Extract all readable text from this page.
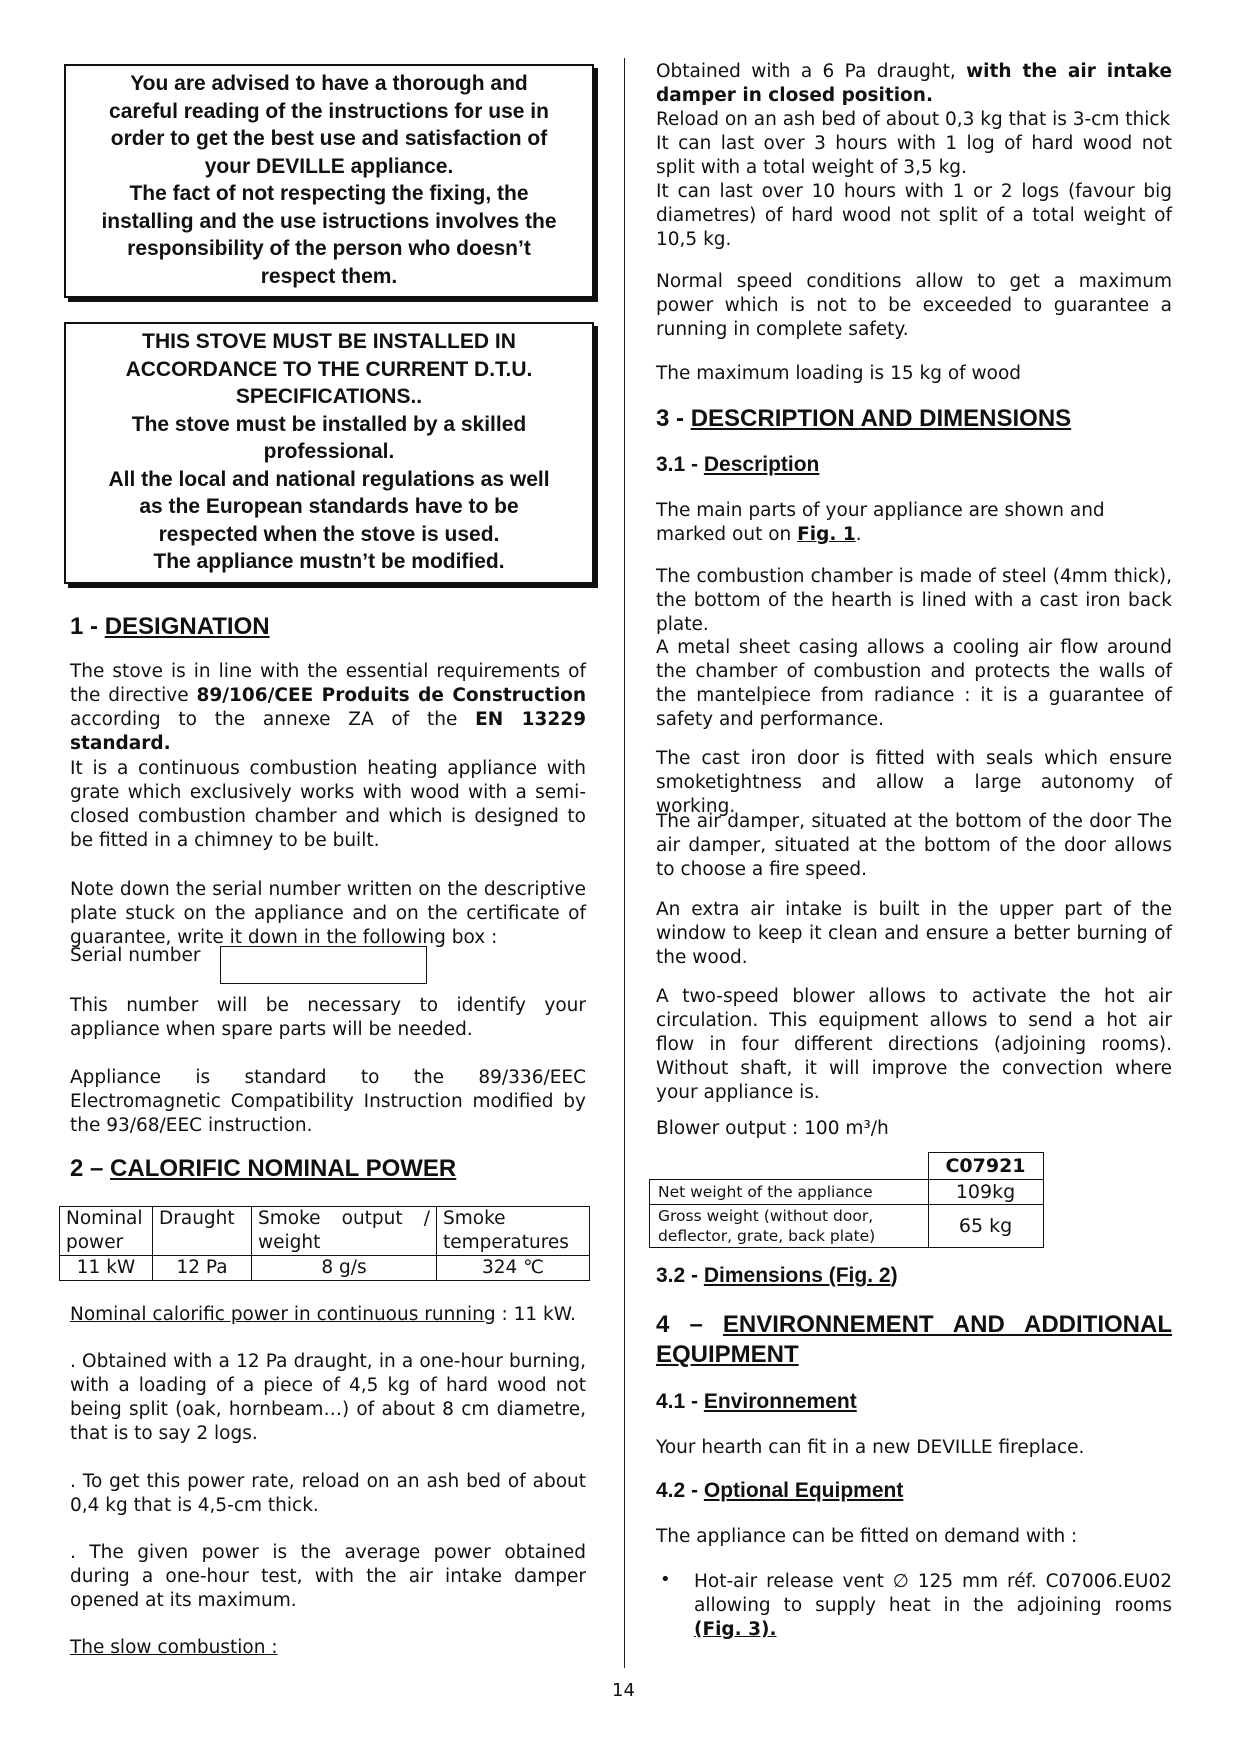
You are advised to have a thorough and
careful reading of the instructions for use in
order to get the best use and satisfaction of
your DEVILLE appliance.
The fact of not respecting the fixing, the
installing and the use istructions involves the
responsibility of the person who doesn’t
respect them.
THIS STOVE MUST BE INSTALLED IN
ACCORDANCE TO THE CURRENT D.T.U.
SPECIFICATIONS..
The stove must be installed by a skilled
professional.
All the local and national regulations as well
as the European standards have to be
respected when the stove is used.
The appliance mustn’t be modified.
1 - DESIGNATION

The stove is in line with the essential requirements of the directive 89/106/CEE Produits de Construction according to the annexe ZA of the EN 13229 standard.

It is a continuous combustion heating appliance with grate which exclusively works with wood with a semi-closed combustion chamber and which is designed to be fitted in a chimney to be built.

Note down the serial number written on the descriptive plate stuck on the appliance and on the certificate of guarantee, write it down in the following box :

Serial number

This number will be necessary to identify your appliance when spare parts will be needed.

Appliance is standard to the 89/336/EEC Electromagnetic Compatibility Instruction modified by the 93/68/EEC instruction.

2 – CALORIFIC NOMINAL POWER
Nominal power	Draught	Smoke output / weight	Smoke temperatures
11 kW	12 Pa	8 g/s	324 ℃

Nominal calorific power in continuous running : 11 kW.

. Obtained with a 12 Pa draught, in a one-hour burning, with a loading of a piece of 4,5 kg of hard wood not being split (oak, hornbeam…) of about 8 cm diametre, that is to say 2 logs.

. To get this power rate, reload on an ash bed of about 0,4 kg that is 4,5-cm thick.

. The given power is the average power obtained during a one-hour test, with the air intake damper opened at its maximum.

The slow combustion :

Obtained with a 6 Pa draught, with the air intake damper in closed position.

Reload on an ash bed of about 0,3 kg that is 3-cm thick

It can last over 3 hours with 1 log of hard wood not split with a total weight of 3,5 kg.

It can last over 10 hours with 1 or 2 logs (favour big diametres) of hard wood not split of a total weight of 10,5 kg.

Normal speed conditions allow to get a maximum power which is not to be exceeded to guarantee a running in complete safety.

The maximum loading is 15 kg of wood

3 - DESCRIPTION AND DIMENSIONS
3.1 - Description

The main parts of your appliance are shown and marked out on Fig. 1.

The combustion chamber is made of steel (4mm thick), the bottom of the hearth is lined with a cast iron back plate.

A metal sheet casing allows a cooling air flow around the chamber of combustion and protects the walls of the mantelpiece from radiance : it is a guarantee of safety and performance.

The cast iron door is fitted with seals which ensure smoketightness and allow a large autonomy of working.

The air damper, situated at the bottom of the door The air damper, situated at the bottom of the door allows to choose a fire speed.

An extra air intake is built in the upper part of the window to keep it clean and ensure a better burning of the wood.

A two-speed blower allows to activate the hot air circulation. This equipment allows to send a hot air flow in four different directions (adjoining rooms). Without shaft, it will improve the convection where your appliance is.

Blower output : 100 m³/h

	C07921
Net weight of the appliance	109kg
Gross weight (without door, deflector, grate, back plate)	65 kg
3.2 - Dimensions (Fig. 2)
4 – ENVIRONNEMENT AND ADDITIONAL EQUIPMENT
4.1 - Environnement

Your hearth can fit in a new DEVILLE fireplace.

4.2 - Optional Equipment

The appliance can be fitted on demand with :

• Hot-air release vent ∅ 125 mm réf. C07006.EU02 allowing to supply heat in the adjoining rooms (Fig. 3).

14
